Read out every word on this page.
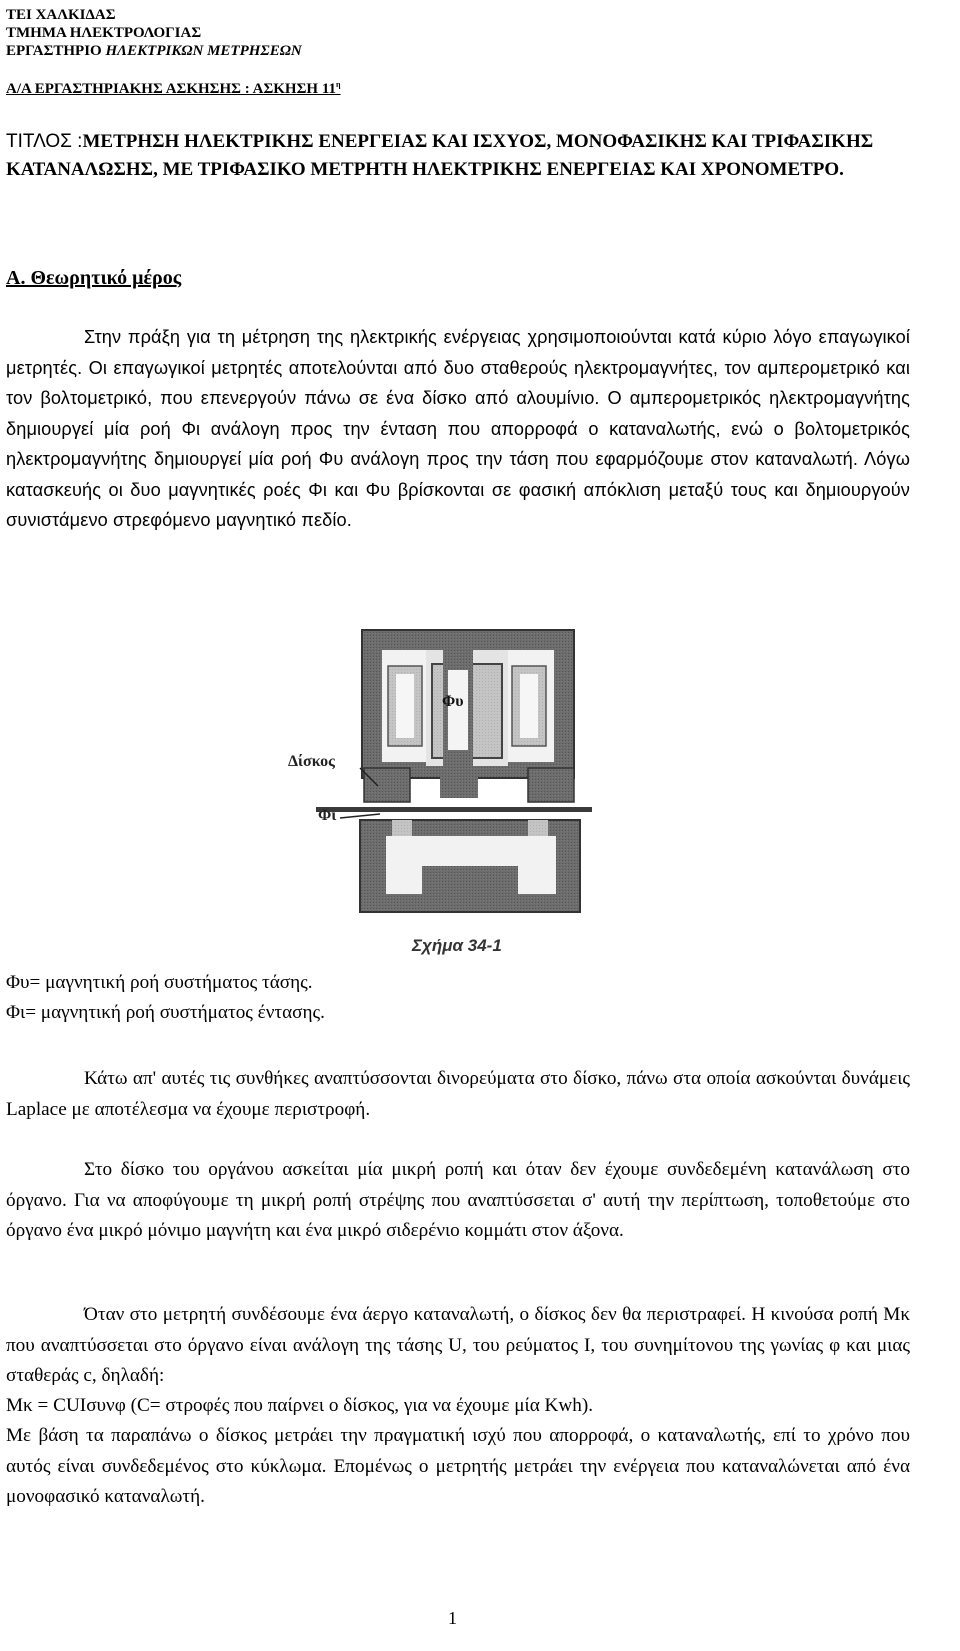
ΤΕΙ ΧΑΛΚΙΔΑΣ
ΤΜΗΜΑ ΗΛΕΚΤΡΟΛΟΓΙΑΣ
ΕΡΓΑΣΤΗΡΙΟ ΗΛΕΚΤΡΙΚΩΝ ΜΕΤΡΗΣΕΩΝ
Α/Α ΕΡΓΑΣΤΗΡΙΑΚΗΣ ΑΣΚΗΣΗΣ : ΑΣΚΗΣΗ $11^\eta$
ΤΙΤΛΟΣ :ΜΕΤΡΗΣΗ ΗΛΕΚΤΡΙΚΗΣ ΕΝΕΡΓΕΙΑΣ ΚΑΙ ΙΣΧΥΟΣ, ΜΟΝΟΦΑΣΙΚΗΣ ΚΑΙ ΤΡΙΦΑΣΙΚΗΣ ΚΑΤΑΝΑΛΩΣΗΣ, ΜΕ ΤΡΙΦΑΣΙΚΟ ΜΕΤΡΗΤΗ ΗΛΕΚΤΡΙΚΗΣ ΕΝΕΡΓΕΙΑΣ ΚΑΙ ΧΡΟΝΟΜΕΤΡΟ.
Α. Θεωρητικό μέρος
Στην πράξη για τη μέτρηση της ηλεκτρικής ενέργειας χρησιμοποιούνται κατά κύριο λόγο επαγωγικοί μετρητές. Οι επαγωγικοί μετρητές αποτελούνται από δυο σταθερούς ηλεκτρομαγνήτες, τον αμπερομετρικό και τον βολτομετρικό, που επενεργούν πάνω σε ένα δίσκο από αλουμίνιο. Ο αμπερομετρικός ηλεκτρομαγνήτης δημιουργεί μία ροή Φι ανάλογη προς την ένταση που απορροφά ο καταναλωτής, ενώ ο βολτομετρικός ηλεκτρομαγνήτης δημιουργεί μία ροή Φυ ανάλογη προς την τάση που εφαρμόζουμε στον καταναλωτή. Λόγω κατασκευής οι δυο μαγνητικές ροές Φι και Φυ βρίσκονται σε φασική απόκλιση μεταξύ τους και δημιουργούν συνιστάμενο στρεφόμενο μαγνητικό πεδίο.
Φυ
Δίσκος
Φι
Σχήμα 34-1
Φυ= μαγνητική ροή συστήματος τάσης.
Φι= μαγνητική ροή συστήματος έντασης.
Κάτω απ' αυτές τις συνθήκες αναπτύσσονται δινορεύματα στο δίσκο, πάνω στα οποία ασκούνται δυνάμεις Laplace με αποτέλεσμα να έχουμε περιστροφή.
Στο δίσκο του οργάνου ασκείται μία μικρή ροπή και όταν δεν έχουμε συνδεδεμένη κατανάλωση στο όργανο. Για να αποφύγουμε τη μικρή ροπή στρέψης που αναπτύσσεται σ' αυτή την περίπτωση, τοποθετούμε στο όργανο ένα μικρό μόνιμο μαγνήτη και ένα μικρό σιδερένιο κομμάτι στον άξονα.
Όταν στο μετρητή συνδέσουμε ένα άεργο καταναλωτή, ο δίσκος δεν θα περιστραφεί. Η κινούσα ροπή Μκ που αναπτύσσεται στο όργανο είναι ανάλογη της τάσης U, του ρεύματος Ι, του συνημίτονου της γωνίας φ και μιας σταθεράς c, δηλαδή:
Μκ = CUIσυνφ (C= στροφές που παίρνει ο δίσκος, για να έχουμε μία Kwh).
Με βάση τα παραπάνω ο δίσκος μετράει την πραγματική ισχύ που απορροφά, ο καταναλωτής, επί το χρόνο που αυτός είναι συνδεδεμένος στο κύκλωμα. Επομένως ο μετρητής μετράει την ενέργεια που καταναλώνεται από ένα μονοφασικό καταναλωτή.
1
